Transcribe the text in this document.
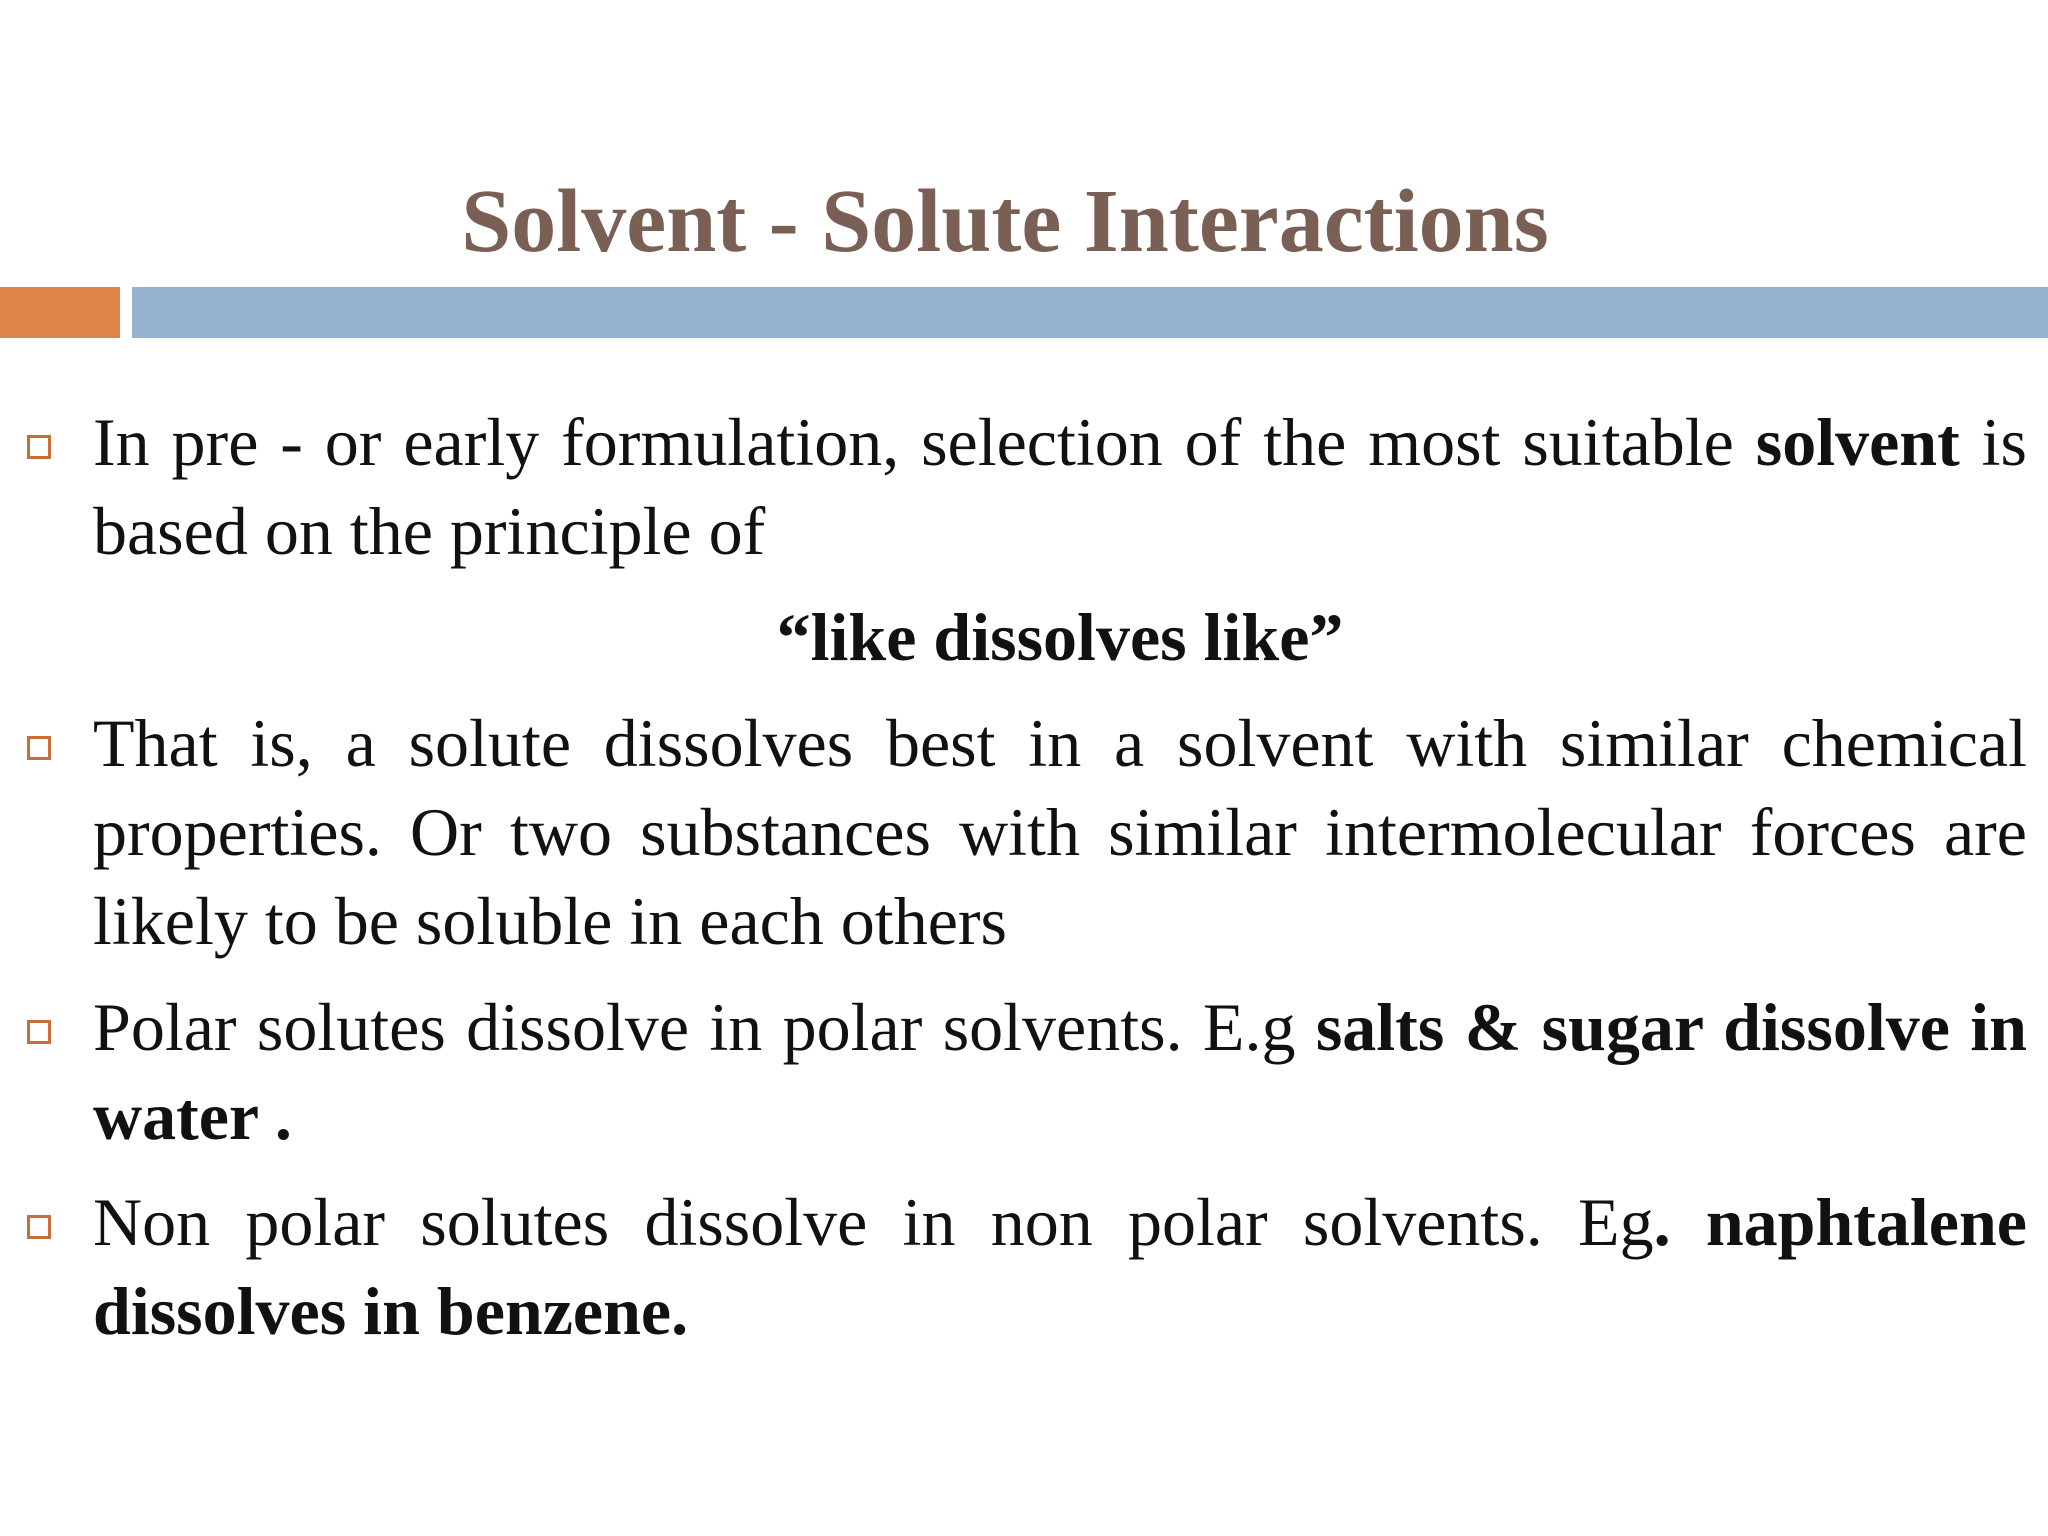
Solvent - Solute Interactions
In pre - or early formulation, selection of the most suitable solvent is based on the principle of
“like dissolves like”
That is, a solute dissolves best in a solvent with similar chemical properties. Or two substances with similar intermolecular forces are likely to be soluble in each others
Polar solutes dissolve in polar solvents. E.g salts & sugar dissolve in water .
Non polar solutes dissolve in non polar solvents. Eg. naphtalene dissolves in benzene.
